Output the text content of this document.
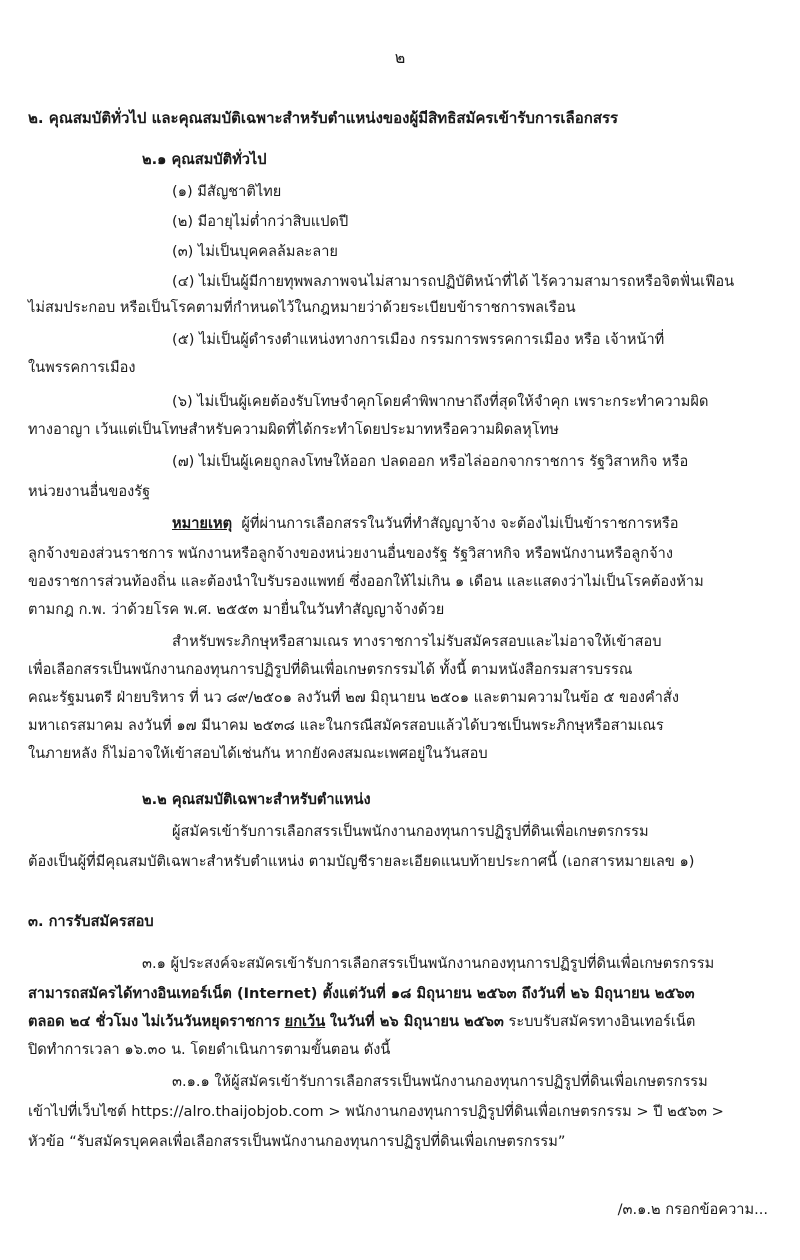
๒
๒. คุณสมบัติทั่วไป และคุณสมบัติเฉพาะสำหรับตำแหน่งของผู้มีสิทธิสมัครเข้ารับการเลือกสรร
๒.๑ คุณสมบัติทั่วไป
(๑) มีสัญชาติไทย
(๒) มีอายุไม่ต่ำกว่าสิบแปดปี
(๓) ไม่เป็นบุคคลล้มละลาย
(๔) ไม่เป็นผู้มีกายทุพพลภาพจนไม่สามารถปฏิบัติหน้าที่ได้ ไร้ความสามารถหรือจิตฟั่นเฟือน
ไม่สมประกอบ หรือเป็นโรคตามที่กำหนดไว้ในกฎหมายว่าด้วยระเบียบข้าราชการพลเรือน
(๕) ไม่เป็นผู้ดำรงตำแหน่งทางการเมือง กรรมการพรรคการเมือง หรือ เจ้าหน้าที่
ในพรรคการเมือง
(๖) ไม่เป็นผู้เคยต้องรับโทษจำคุกโดยคำพิพากษาถึงที่สุดให้จำคุก เพราะกระทำความผิด
ทางอาญา เว้นแต่เป็นโทษสำหรับความผิดที่ได้กระทำโดยประมาทหรือความผิดลหุโทษ
(๗) ไม่เป็นผู้เคยถูกลงโทษให้ออก ปลดออก หรือไล่ออกจากราชการ รัฐวิสาหกิจ หรือ
หน่วยงานอื่นของรัฐ
หมายเหตุ ผู้ที่ผ่านการเลือกสรรในวันที่ทำสัญญาจ้าง จะต้องไม่เป็นข้าราชการหรือ
ลูกจ้างของส่วนราชการ พนักงานหรือลูกจ้างของหน่วยงานอื่นของรัฐ รัฐวิสาหกิจ หรือพนักงานหรือลูกจ้าง
ของราชการส่วนท้องถิ่น และต้องนำใบรับรองแพทย์ ซึ่งออกให้ไม่เกิน ๑ เดือน และแสดงว่าไม่เป็นโรคต้องห้าม
ตามกฎ ก.พ. ว่าด้วยโรค พ.ศ. ๒๕๕๓ มายื่นในวันทำสัญญาจ้างด้วย
สำหรับพระภิกษุหรือสามเณร ทางราชการไม่รับสมัครสอบและไม่อาจให้เข้าสอบ
เพื่อเลือกสรรเป็นพนักงานกองทุนการปฏิรูปที่ดินเพื่อเกษตรกรรมได้ ทั้งนี้ ตามหนังสือกรมสารบรรณ
คณะรัฐมนตรี ฝ่ายบริหาร ที่ นว ๘๙/๒๕๐๑ ลงวันที่ ๒๗ มิถุนายน ๒๕๐๑ และตามความในข้อ ๕ ของคำสั่ง
มหาเถรสมาคม ลงวันที่ ๑๗ มีนาคม ๒๕๓๘ และในกรณีสมัครสอบแล้วได้บวชเป็นพระภิกษุหรือสามเณร
ในภายหลัง ก็ไม่อาจให้เข้าสอบได้เช่นกัน หากยังคงสมณะเพศอยู่ในวันสอบ
๒.๒ คุณสมบัติเฉพาะสำหรับตำแหน่ง
ผู้สมัครเข้ารับการเลือกสรรเป็นพนักงานกองทุนการปฏิรูปที่ดินเพื่อเกษตรกรรม
ต้องเป็นผู้ที่มีคุณสมบัติเฉพาะสำหรับตำแหน่ง ตามบัญชีรายละเอียดแนบท้ายประกาศนี้ (เอกสารหมายเลข ๑)
๓. การรับสมัครสอบ
๓.๑ ผู้ประสงค์จะสมัครเข้ารับการเลือกสรรเป็นพนักงานกองทุนการปฏิรูปที่ดินเพื่อเกษตรกรรม
สามารถสมัครได้ทางอินเทอร์เน็ต (Internet) ตั้งแต่วันที่ ๑๘ มิถุนายน ๒๕๖๓ ถึงวันที่ ๒๖ มิถุนายน ๒๕๖๓
ตลอด ๒๔ ชั่วโมง ไม่เว้นวันหยุดราชการ ยกเว้น ในวันที่ ๒๖ มิถุนายน ๒๕๖๓ ระบบรับสมัครทางอินเทอร์เน็ต
ปิดทำการเวลา ๑๖.๓๐ น. โดยดำเนินการตามขั้นตอน ดังนี้
๓.๑.๑ ให้ผู้สมัครเข้ารับการเลือกสรรเป็นพนักงานกองทุนการปฏิรูปที่ดินเพื่อเกษตรกรรม
เข้าไปที่เว็บไซต์ https://alro.thaijobjob.com > พนักงานกองทุนการปฏิรูปที่ดินเพื่อเกษตรกรรม > ปี ๒๕๖๓ >
หัวข้อ “รับสมัครบุคคลเพื่อเลือกสรรเป็นพนักงานกองทุนการปฏิรูปที่ดินเพื่อเกษตรกรรม”
/๓.๑.๒ กรอกข้อความ...
